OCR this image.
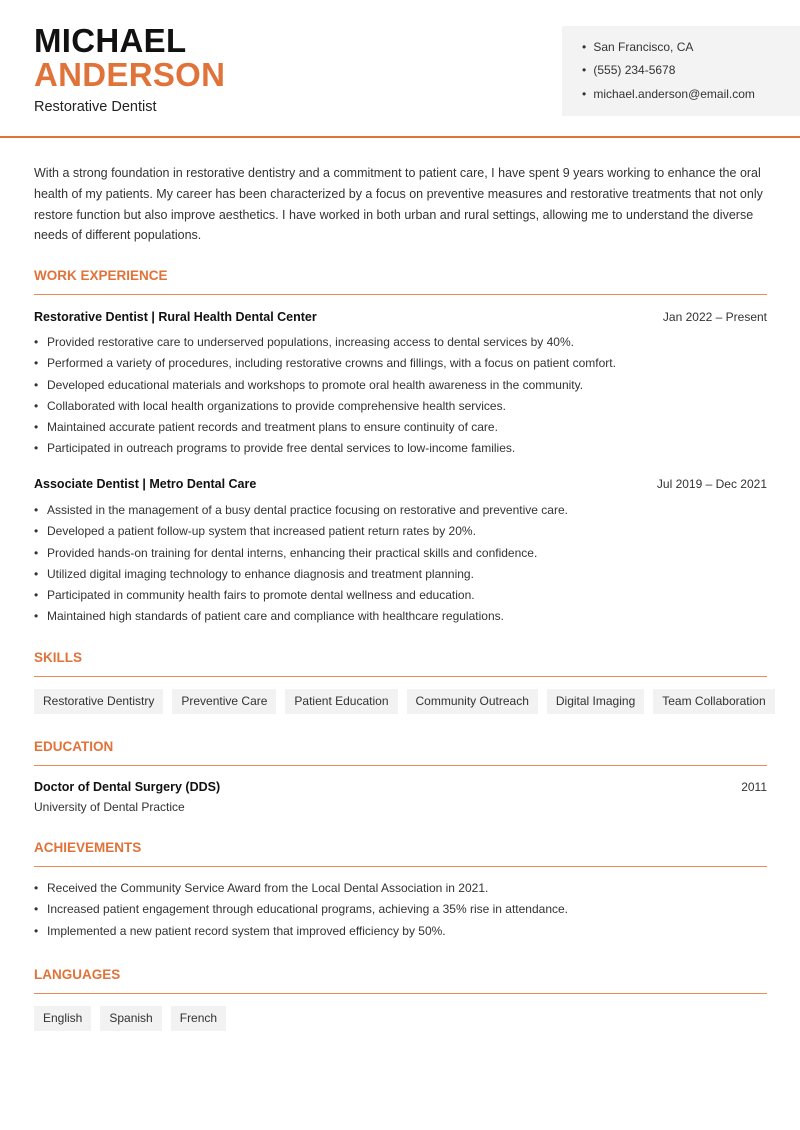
MICHAEL
ANDERSON
Restorative Dentist
• San Francisco, CA
• (555) 234-5678
• michael.anderson@email.com
With a strong foundation in restorative dentistry and a commitment to patient care, I have spent 9 years working to enhance the oral health of my patients. My career has been characterized by a focus on preventive measures and restorative treatments that not only restore function but also improve aesthetics. I have worked in both urban and rural settings, allowing me to understand the diverse needs of different populations.
WORK EXPERIENCE
Restorative Dentist | Rural Health Dental Center	Jan 2022 – Present
• Provided restorative care to underserved populations, increasing access to dental services by 40%.
• Performed a variety of procedures, including restorative crowns and fillings, with a focus on patient comfort.
• Developed educational materials and workshops to promote oral health awareness in the community.
• Collaborated with local health organizations to provide comprehensive health services.
• Maintained accurate patient records and treatment plans to ensure continuity of care.
• Participated in outreach programs to provide free dental services to low-income families.
Associate Dentist | Metro Dental Care	Jul 2019 – Dec 2021
• Assisted in the management of a busy dental practice focusing on restorative and preventive care.
• Developed a patient follow-up system that increased patient return rates by 20%.
• Provided hands-on training for dental interns, enhancing their practical skills and confidence.
• Utilized digital imaging technology to enhance diagnosis and treatment planning.
• Participated in community health fairs to promote dental wellness and education.
• Maintained high standards of patient care and compliance with healthcare regulations.
SKILLS
Restorative Dentistry	Preventive Care	Patient Education	Community Outreach	Digital Imaging	Team Collaboration
EDUCATION
Doctor of Dental Surgery (DDS)	2011
University of Dental Practice
ACHIEVEMENTS
• Received the Community Service Award from the Local Dental Association in 2021.
• Increased patient engagement through educational programs, achieving a 35% rise in attendance.
• Implemented a new patient record system that improved efficiency by 50%.
LANGUAGES
English	Spanish	French
